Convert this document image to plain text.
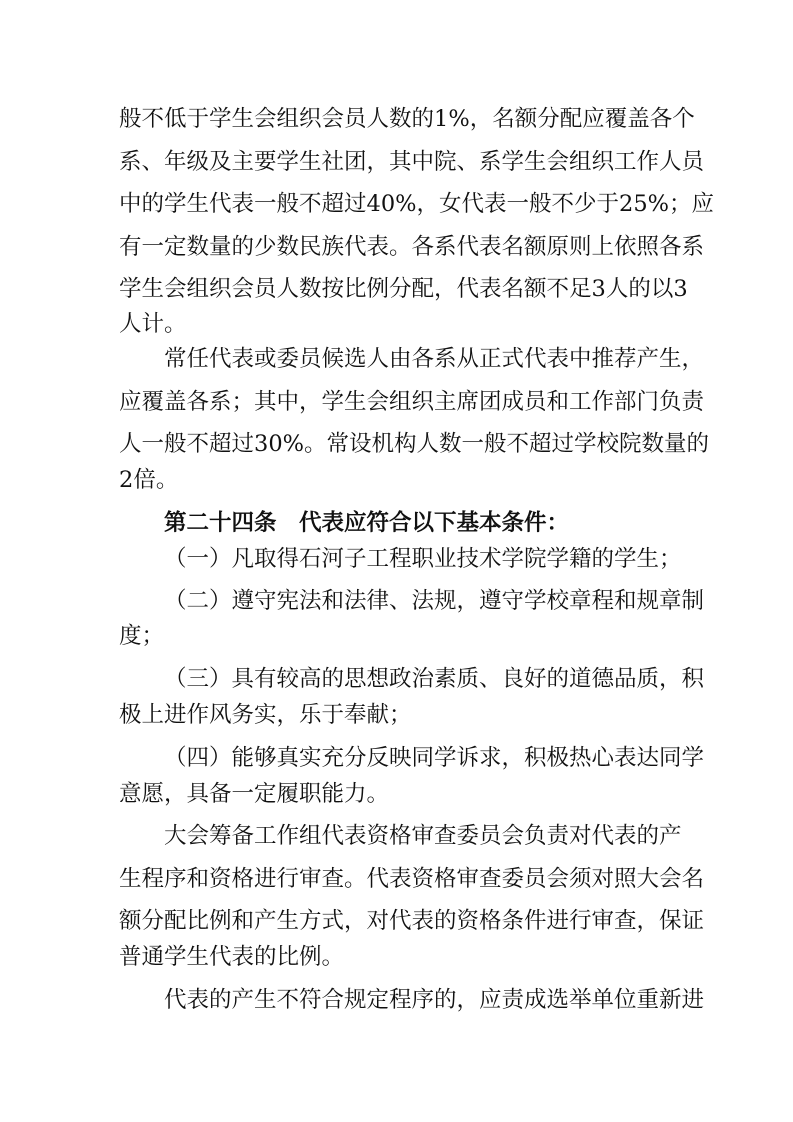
般不低于学生会组织会员人数的1%，名额分配应覆盖各个
系、年级及主要学生社团，其中院、系学生会组织工作人员
中的学生代表一般不超过40%，女代表一般不少于25%；应
有一定数量的少数民族代表。各系代表名额原则上依照各系
学生会组织会员人数按比例分配，代表名额不足3人的以3
人计。
常任代表或委员候选人由各系从正式代表中推荐产生，
应覆盖各系；其中，学生会组织主席团成员和工作部门负责
人一般不超过30%。常设机构人数一般不超过学校院数量的
2倍。
第二十四条　代表应符合以下基本条件：
（一）凡取得石河子工程职业技术学院学籍的学生；
（二）遵守宪法和法律、法规，遵守学校章程和规章制
度；
（三）具有较高的思想政治素质、良好的道德品质，积
极上进作风务实，乐于奉献；
（四）能够真实充分反映同学诉求，积极热心表达同学
意愿，具备一定履职能力。
大会筹备工作组代表资格审查委员会负责对代表的产
生程序和资格进行审查。代表资格审查委员会须对照大会名
额分配比例和产生方式，对代表的资格条件进行审查，保证
普通学生代表的比例。
代表的产生不符合规定程序的，应责成选举单位重新进
